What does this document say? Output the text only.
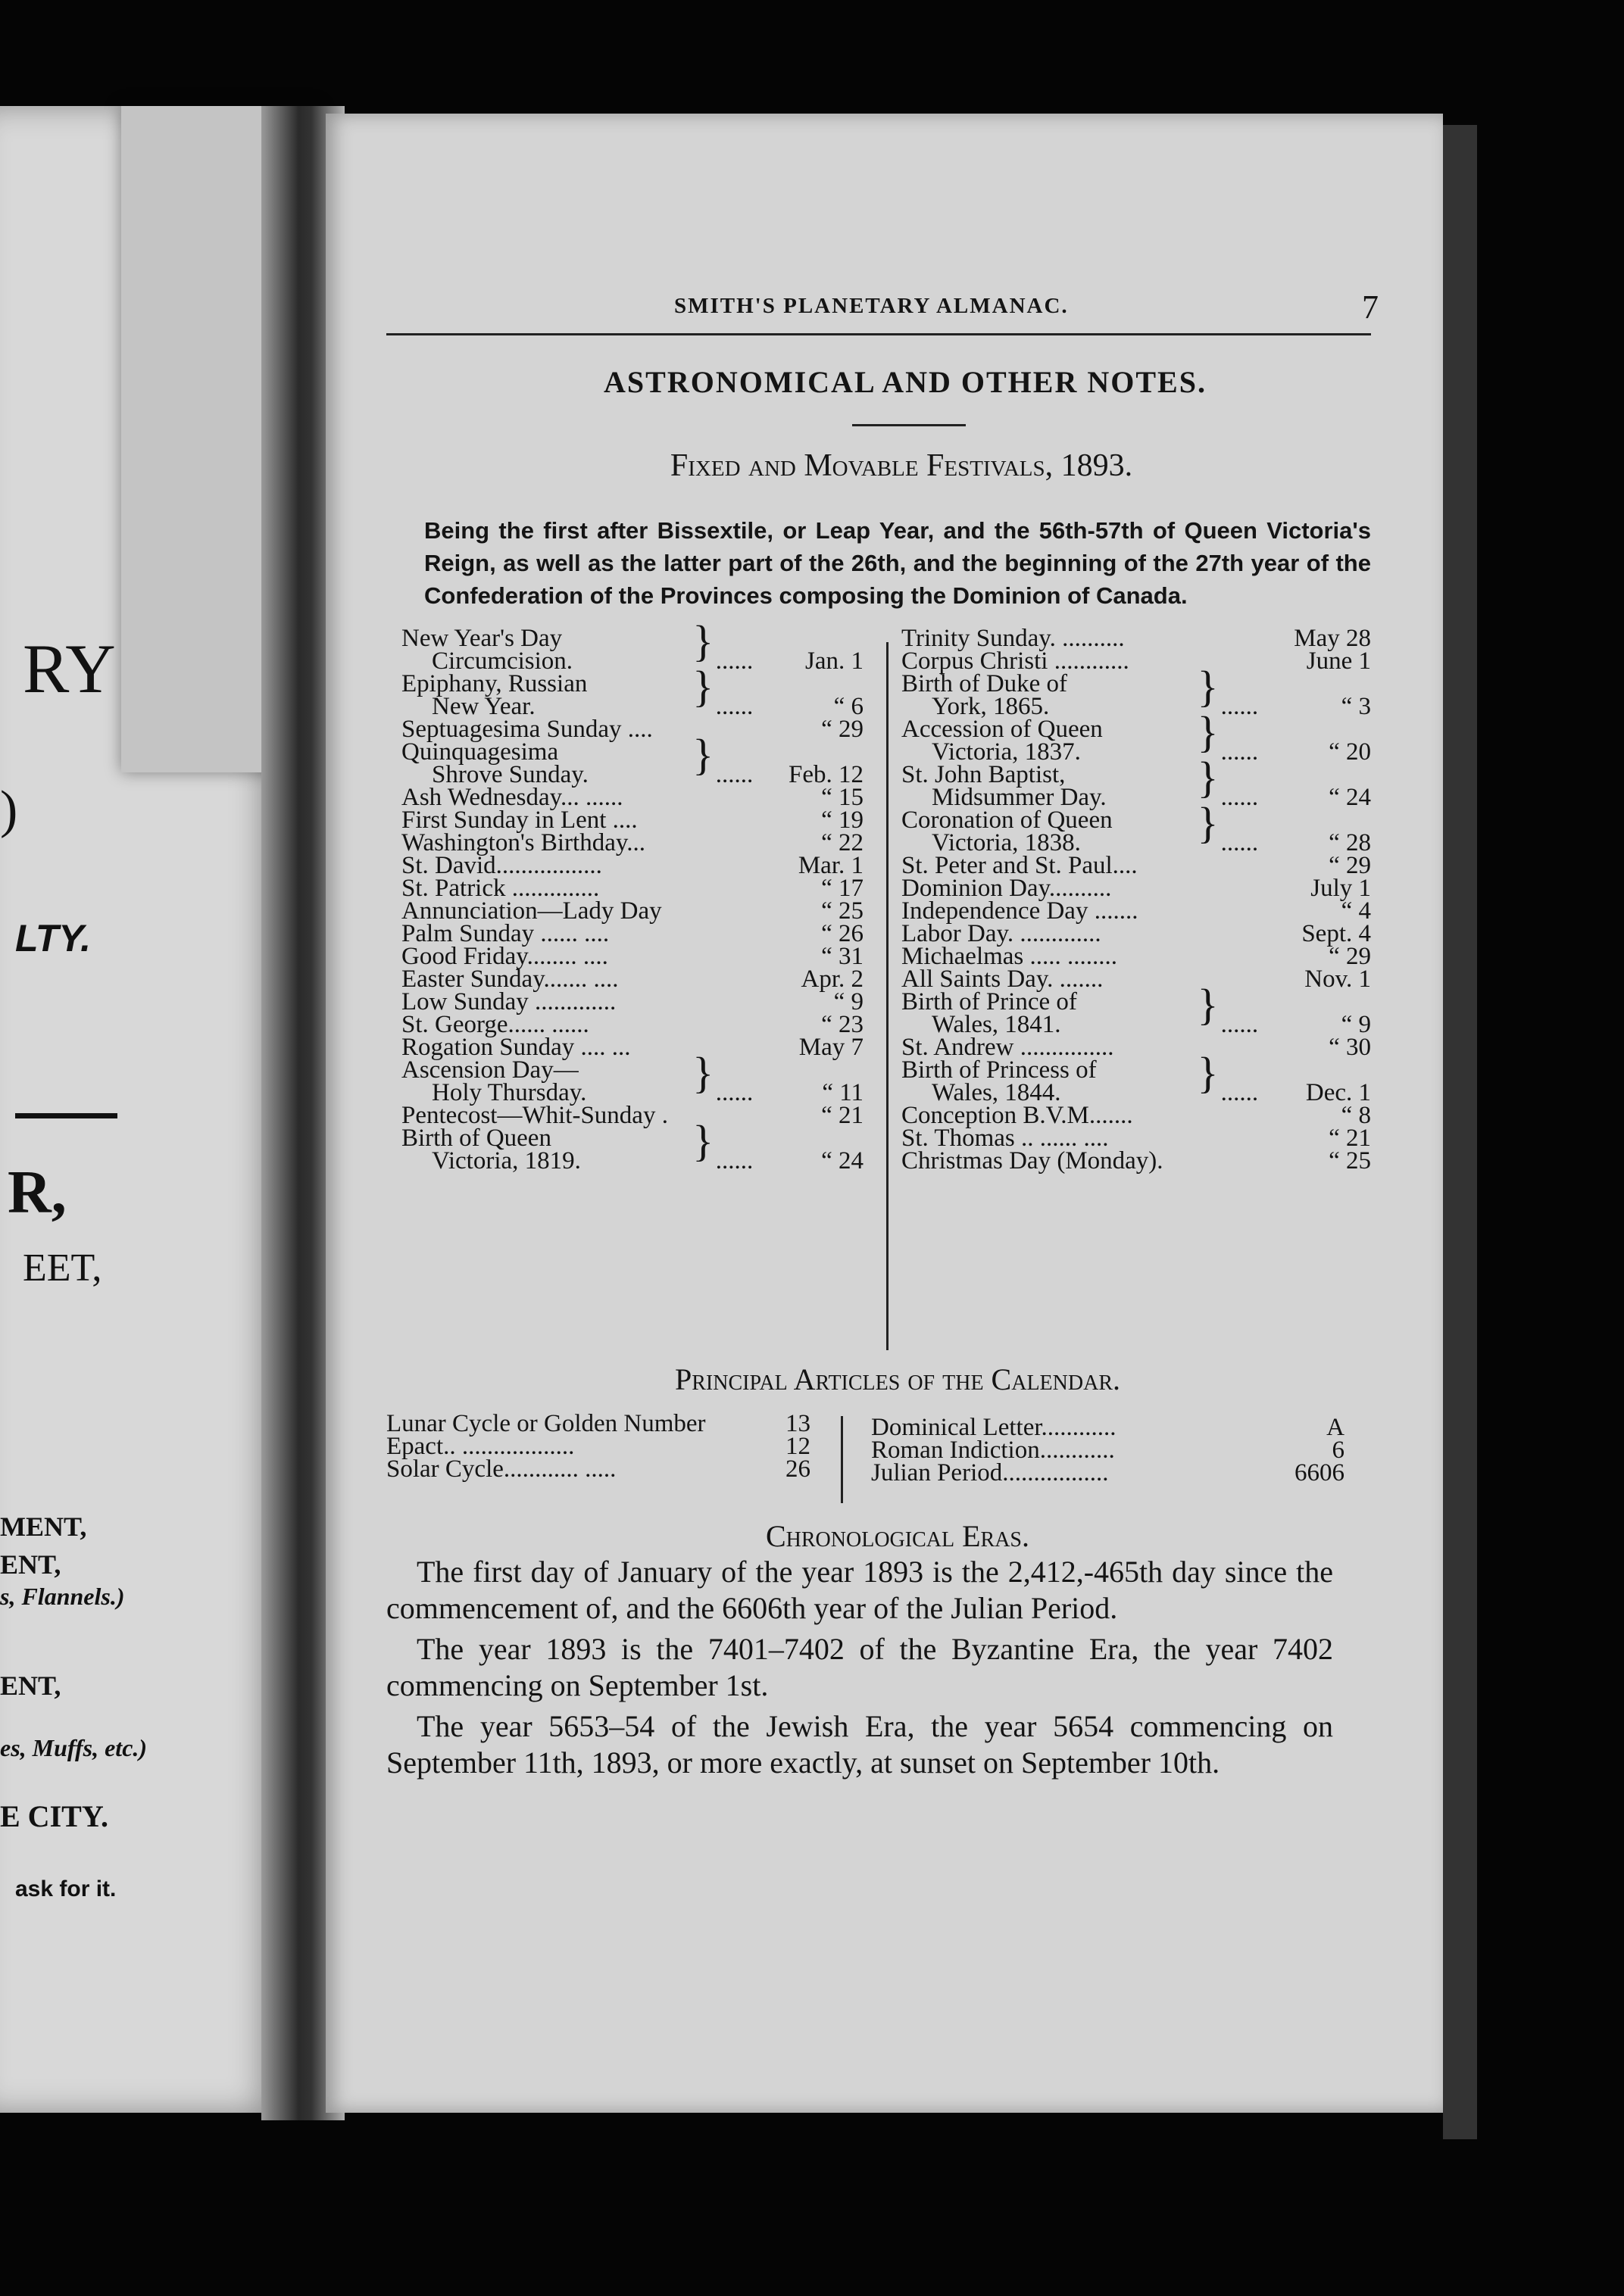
RY
)
LTY.
R,
EET,
MENT,
ENT,
s, Flannels.)
ENT,
es, Muffs, etc.)
E CITY.
ask for it.
SMITH'S PLANETARY ALMANAC.	7
ASTRONOMICAL AND OTHER NOTES.
Fixed and Movable Festivals, 1893.
Being the first after Bissextile, or Leap Year, and the 56th-57th of Queen Victoria's Reign, as well as the latter part of the 26th, and the beginning of the 27th year of the Confederation of the Provinces composing the Dominion of Canada.
New Year's Day
Circumcision.	} ...... Jan. 1
Epiphany, Russian
New Year.	} ......	“ 6
Septuagesima Sunday ....	“ 29
Quinquagesima
Shrove Sunday. } ...... Feb. 12
Ash Wednesday... ......	“ 15
First Sunday in Lent ....	“ 19
Washington's Birthday...	“ 22
St. David.................	Mar. 1
St. Patrick ..............	“ 17
Annunciation—Lady Day	“ 25
Palm Sunday ...... ....	“ 26
Good Friday........ ....	“ 31
Easter Sunday....... ....	Apr. 2
Low Sunday .............	“ 9
St. George...... ......	“ 23
Rogation Sunday .... ...	May 7
Ascension Day—
Holy Thursday. } ......	“ 11
Pentecost—Whit-Sunday .	“ 21
Birth of Queen
Victoria, 1819.	} ......	“ 24
Trinity Sunday. ..........	May 28
Corpus Christi ............	June 1
Birth of Duke of
York, 1865.	} ......	“ 3
Accession of Queen
Victoria, 1837.	} ......	“ 20
St. John Baptist,
Midsummer Day. } ......	“ 24
Coronation of Queen
Victoria, 1838.	} ......	“ 28
St. Peter and St. Paul....	“ 29
Dominion Day..........	July 1
Independence Day .......	“ 4
Labor Day. .............	Sept. 4
Michaelmas ..... ........	“ 29
All Saints Day. .......	Nov. 1
Birth of Prince of
Wales, 1841.	} ......	“ 9
St. Andrew ...............	“ 30
Birth of Princess of
Wales, 1844.	} ...... Dec. 1
Conception B.V.M.......	“ 8
St. Thomas .. ...... ....	“ 21
Christmas Day (Monday).	“ 25
Principal Articles of the Calendar.
Lunar Cycle or Golden Number	13
Epact.. ..................	12
Solar Cycle............ .....	26
Dominical Letter............	A
Roman Indiction............	6
Julian Period.................	6606
Chronological Eras.

The first day of January of the year 1893 is the 2,412,-465th day since the commencement of, and the 6606th year of the Julian Period.

The year 1893 is the 7401–7402 of the Byzantine Era, the year 7402 commencing on September 1st.

The year 5653–54 of the Jewish Era, the year 5654 commencing on September 11th, 1893, or more exactly, at sunset on September 10th.
